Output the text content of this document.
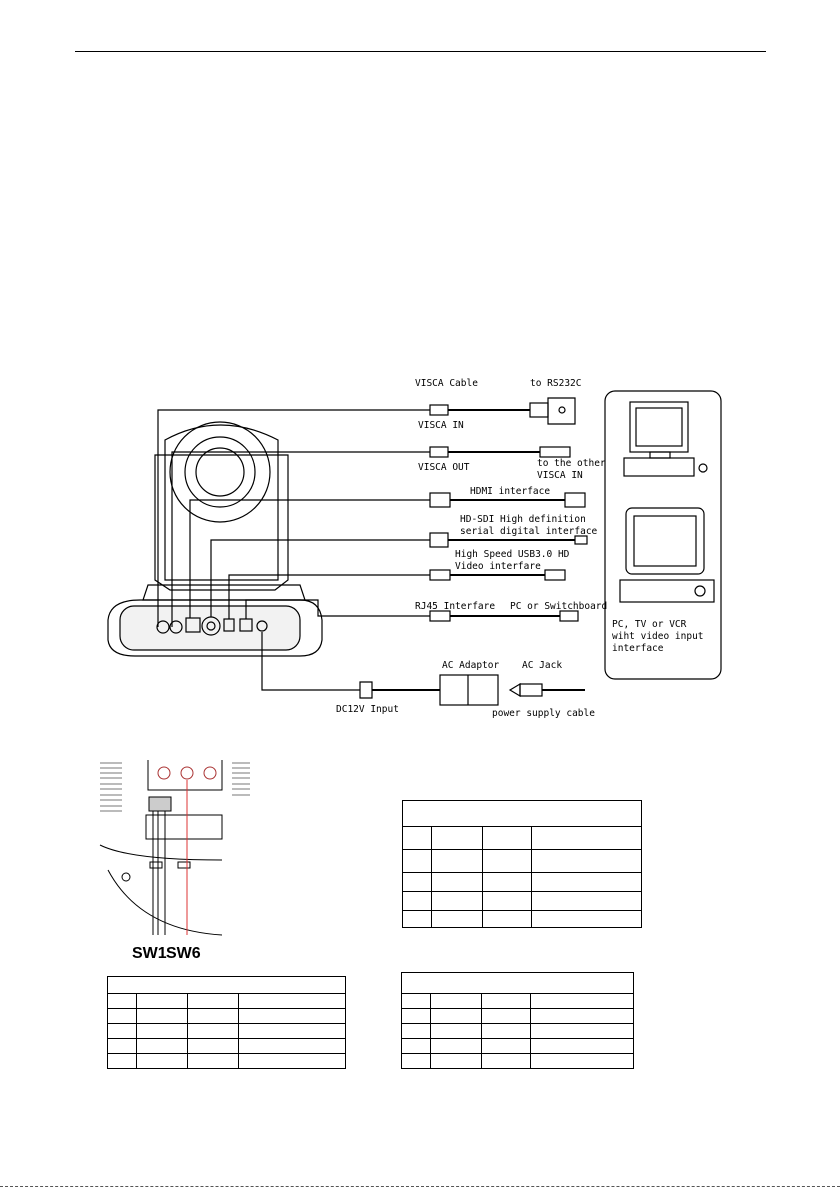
VISCA Cable	to RS232C
VISCA IN
VISCA OUT	to the other
VISCA IN
HDMI interface
HD-SDI High definition
serial digital interface
High Speed USB3.0 HD
Video interfare
RJ45 Interfare PC or Switchboard
AC Adaptor AC Jack
DC12V Input	power supply cable
PC, TV or VCR
wiht video input
interface
SW1 SW6
